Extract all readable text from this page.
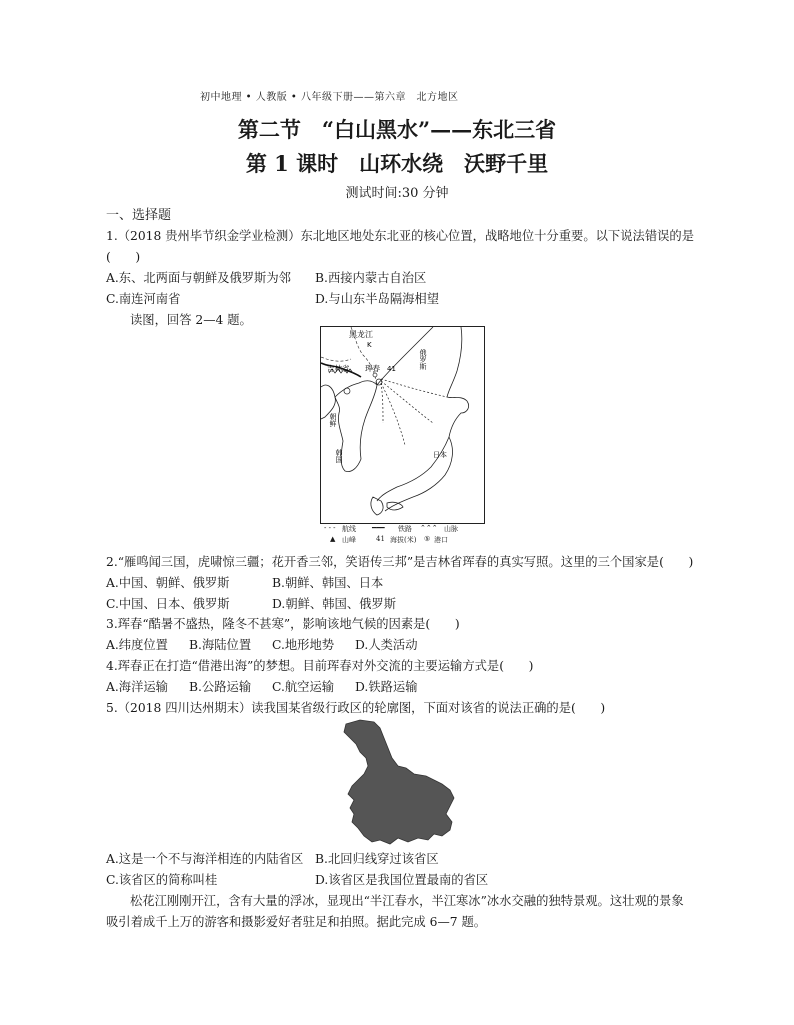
初中地理 • 人教版 • 八年级下册——第六章　北方地区
第二节　“白山黑水”——东北三省
第 1 课时　山环水绕　沃野千里
测试时间:30 分钟
一、选择题
1.（2018 贵州毕节织金学业检测）东北地区地处东北亚的核心位置，战略地位十分重要。以下说法错误的是
(　　)
A.东、北两面与朝鲜及俄罗斯为邻 B.西接内蒙古自治区
C.南连河南省	D.与山东半岛隔海相望
读图，回答 2—4 题。
黑龙江
K
吉林省 珲春 41	俄罗斯
朝鲜
韩国	日本
- - - 航线 ━━━ 铁路 ⌃⌃⌃ 山脉
▲ 山峰	41 海拔(米) ⑤ 港口
2.“雁鸣闻三国，虎啸惊三疆；花开香三邻，笑语传三邦”是吉林省珲春的真实写照。这里的三个国家是(　　)
A.中国、朝鲜、俄罗斯	B.朝鲜、韩国、日本
C.中国、日本、俄罗斯	D.朝鲜、韩国、俄罗斯
3.珲春“酷暑不盛热，隆冬不甚寒”，影响该地气候的因素是(　　)
A.纬度位置 B.海陆位置 C.地形地势 D.人类活动
4.珲春正在打造“借港出海”的梦想。目前珲春对外交流的主要运输方式是(　　)
A.海洋运输 B.公路运输 C.航空运输 D.铁路运输
5.（2018 四川达州期末）读我国某省级行政区的轮廓图，下面对该省的说法正确的是(　　)
A.这是一个不与海洋相连的内陆省区 B.北回归线穿过该省区
C.该省区的简称叫桂	D.该省区是我国位置最南的省区
松花江刚刚开江，含有大量的浮冰，显现出“半江春水，半江寒冰”冰水交融的独特景观。这壮观的景象
吸引着成千上万的游客和摄影爱好者驻足和拍照。据此完成 6—7 题。
